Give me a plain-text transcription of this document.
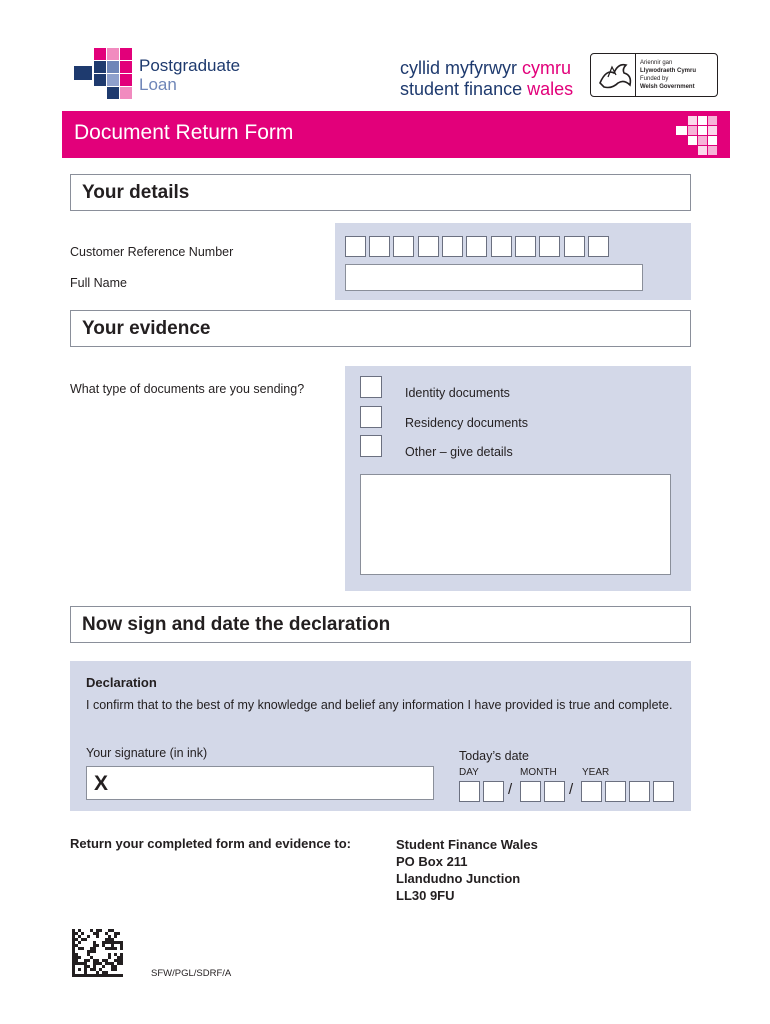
Postgraduate
Loan
cyllid myfyrwyr cymru
student finance wales
Ariennir gan
Llywodraeth Cymru
Funded by
Welsh Government
Document Return Form
Your details
Customer Reference Number
Full Name
Your evidence
What type of documents are you sending?	Identity documents
Residency documents
Other – give details
Now sign and date the declaration
Declaration
I confirm that to the best of my knowledge and belief any information I have provided is true and complete.
Your signature (in ink)
X
Today’s date
DAY	MONTH	YEAR
/	/
Return your completed form and evidence to:	Student Finance Wales
PO Box 211
Llandudno Junction
LL30 9FU
SFW/PGL/SDRF/A
